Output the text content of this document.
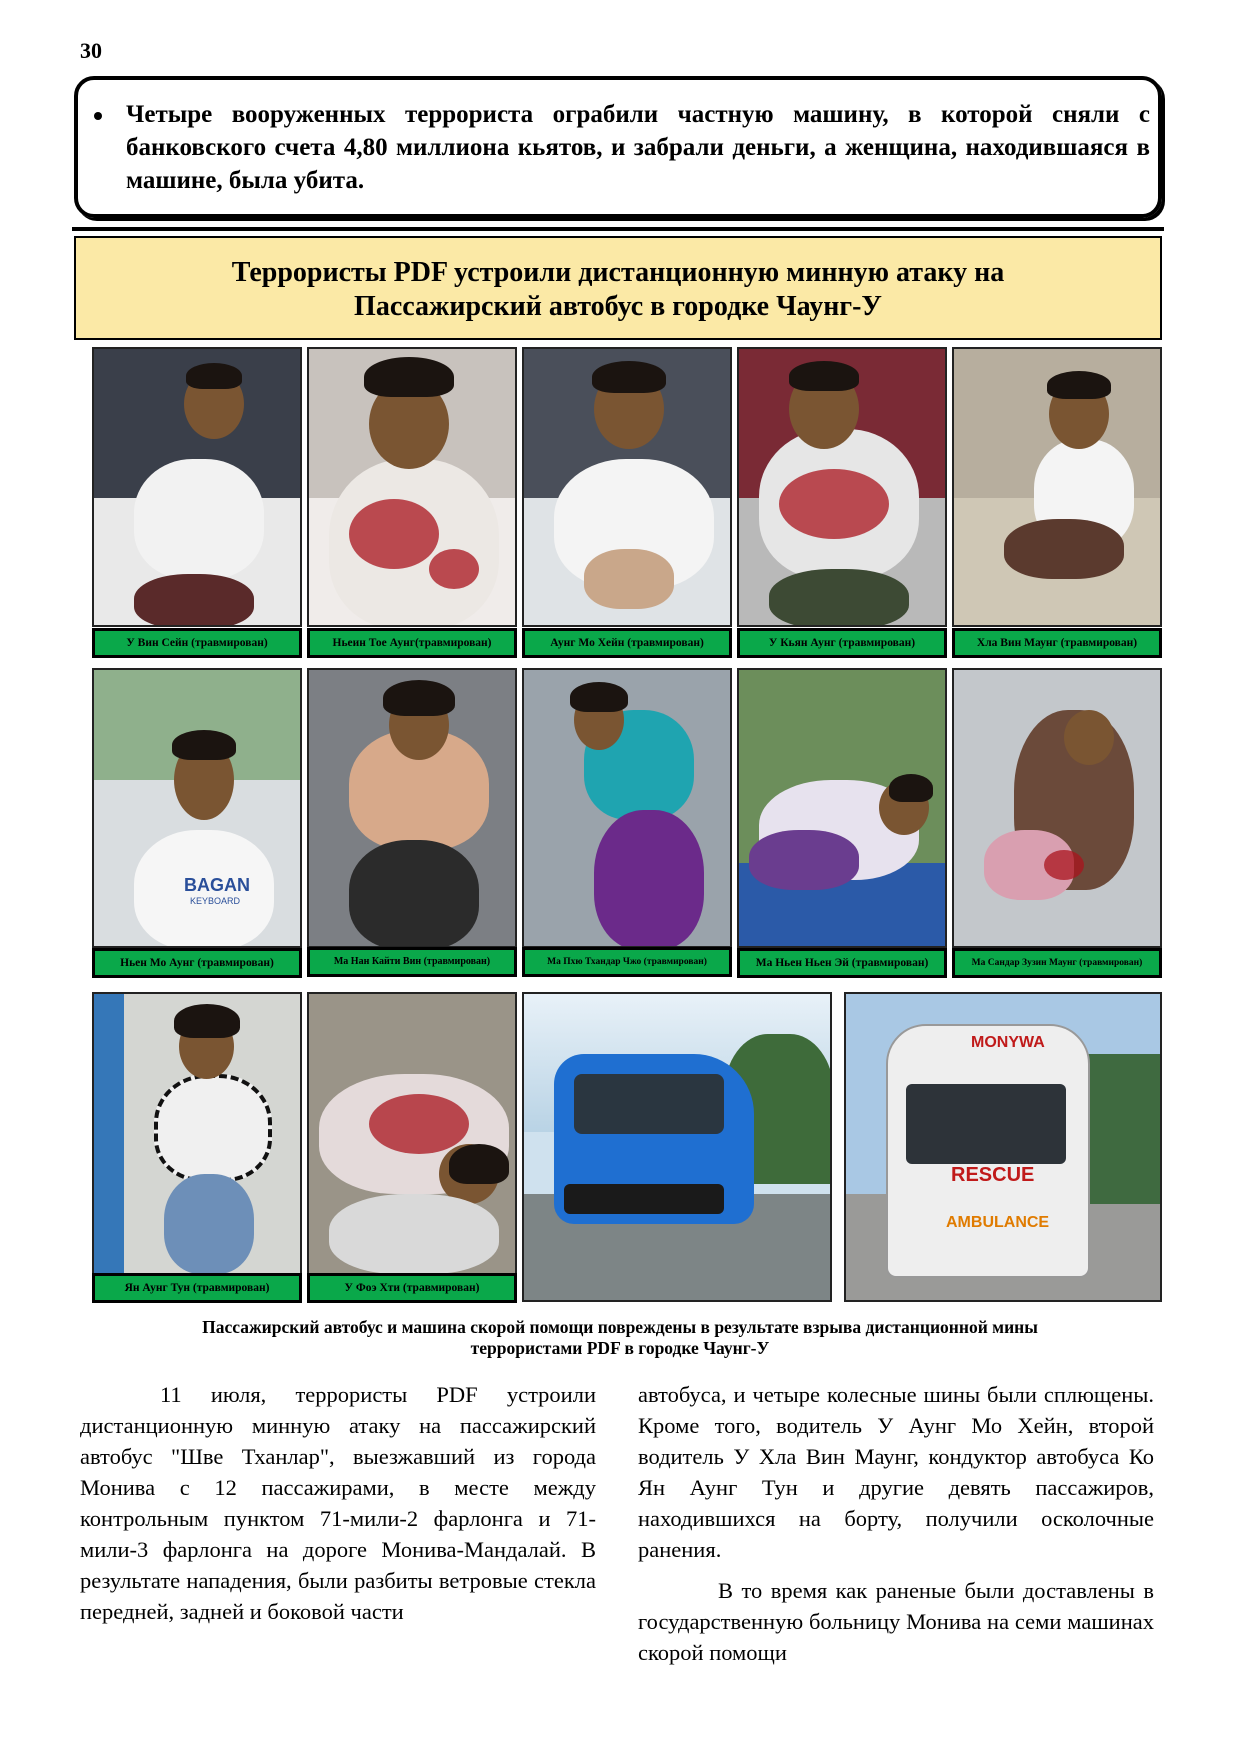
30
Четыре вооруженных террориста ограбили частную машину, в которой сняли с банковского счета 4,80 миллиона кьятов, и забрали деньги, а женщина, находившаяся в машине, была убита.
Террористы PDF устроили дистанционную минную атаку на
Пассажирский автобус в городке Чаунг-У
У Вин Сейн (травмирован)	Ньеин Тое Аунг(травмирован)	Аунг Мо Хейн (травмирован)	У Кьян Аунг (травмирован)	Хла Вин Маунг (травмирован)
BAGAN
KEYBOARD
Ньен Мо Аунг (травмирован)	Ма Нан Кайти Вин (травмирован)	Ма Пхю Тхандар Чжо (травмирован)	Ма Ньен Ньен Эй (травмирован)	Ма Сандар Зузин Маунг (травмирован)
MONYWA
RESCUE
AMBULANCE
Ян Аунг Тун (травмирован)	У Фоэ Хти (травмирован)
Пассажирский автобус и машина скорой помощи повреждены в результате взрыва дистанционной мины
террористами PDF в городке Чаунг-У

11 июля, террористы PDF устроили дистанционную минную атаку на пассажирский автобус "Шве Тханлар", выезжавший из города Монива с 12 пассажирами, в месте между контрольным пунктом 71-мили-2 фарлонга и 71-мили-3 фарлонга на дороге Монива-Мандалай. В результате нападения, были разбиты ветровые стекла передней, задней и боковой части

автобуса, и четыре колесные шины были сплющены. Кроме того, водитель У Аунг Мо Хейн, второй водитель У Хла Вин Маунг, кондуктор автобуса Ко Ян Аунг Тун и другие девять пассажиров, находившихся на борту, получили осколочные ранения.

В то время как раненые были доставлены в государственную больницу Монива на семи машинах скорой помощи
